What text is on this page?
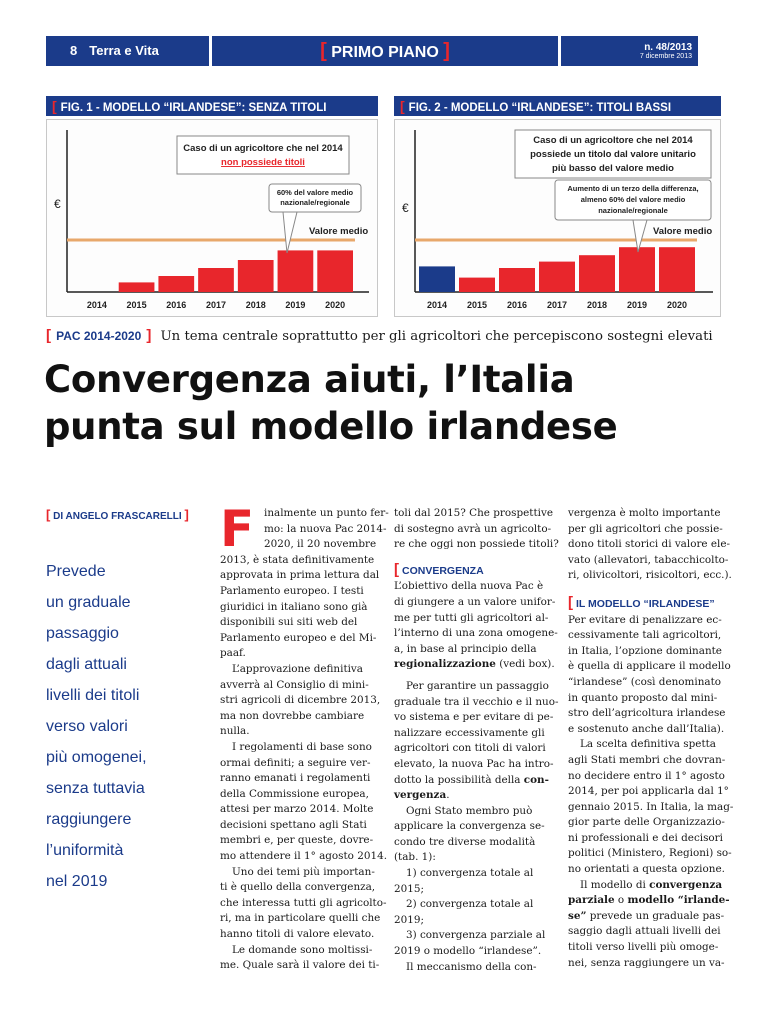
8 Terra e Vita	[ PRIMO PIANO ]	n. 48/2013
7 dicembre 2013
[ FIG. 1 - MODELLO “IRLANDESE”: SENZA TITOLI	[ FIG. 2 - MODELLO “IRLANDESE”: TITOLI BASSI
€
Valore medio
2014 2015 2016 2017 2018 2019 2020
Caso di un agricoltore che nel 2014
non possiede titoli
60% del valore medio
nazionale/regionale	€
Valore medio
2014 2015 2016 2017 2018 2019 2020
Caso di un agricoltore che nel 2014
possiede un titolo dal valore unitario
più basso del valore medio
Aumento di un terzo della differenza,
almeno 60% del valore medio
nazionale/regionale
[ PAC 2014-2020 ] Un tema centrale soprattutto per gli agricoltori che percepiscono sostegni elevati
Convergenza aiuti, l’Italia
punta sul modello irlandese
[ DI ANGELO FRASCARELLI ]
Prevede
un graduale
passaggio
dagli attuali
livelli dei titoli
verso valori
più omogenei,
senza tuttavia
raggiungere
l’uniformità
nel 2019
F inalmente un punto fer-
mo: la nuova Pac 2014-
2020, il 20 novembre
2013, è stata definitivamente
approvata in prima lettura dal
Parlamento europeo. I testi
giuridici in italiano sono già
disponibili sui siti web del
Parlamento europeo e del Mi-
paaf.
L’approvazione definitiva
avverrà al Consiglio di mini-
stri agricoli di dicembre 2013,
ma non dovrebbe cambiare
nulla.
I regolamenti di base sono
ormai definiti; a seguire ver-
ranno emanati i regolamenti
della Commissione europea,
attesi per marzo 2014. Molte
decisioni spettano agli Stati
membri e, per queste, dovre-
mo attendere il 1° agosto 2014.
Uno dei temi più importan-
ti è quello della convergenza,
che interessa tutti gli agricolto-
ri, ma in particolare quelli che
hanno titoli di valore elevato.
Le domande sono moltissi-
me. Quale sarà il valore dei ti-
toli dal 2015? Che prospettive
di sostegno avrà un agricolto-
re che oggi non possiede titoli?
[ CONVERGENZA
L’obiettivo della nuova Pac è
di giungere a un valore unifor-
me per tutti gli agricoltori al-
l’interno di una zona omogene-
a, in base al principio della
regionalizzazione (vedi box).
Per garantire un passaggio
graduale tra il vecchio e il nuo-
vo sistema e per evitare di pe-
nalizzare eccessivamente gli
agricoltori con titoli di valori
elevato, la nuova Pac ha intro-
dotto la possibilità della con-
vergenza.
Ogni Stato membro può
applicare la convergenza se-
condo tre diverse modalità
(tab. 1):
1) convergenza totale al
2015;
2) convergenza totale al
2019;
3) convergenza parziale al
2019 o modello “irlandese”.
Il meccanismo della con-
vergenza è molto importante
per gli agricoltori che possie-
dono titoli storici di valore ele-
vato (allevatori, tabacchicolto-
ri, olivicoltori, risicoltori, ecc.).
[ IL MODELLO “IRLANDESE”
Per evitare di penalizzare ec-
cessivamente tali agricoltori,
in Italia, l’opzione dominante
è quella di applicare il modello
“irlandese” (così denominato
in quanto proposto dal mini-
stro dell’agricoltura irlandese
e sostenuto anche dall’Italia).
La scelta definitiva spetta
agli Stati membri che dovran-
no decidere entro il 1° agosto
2014, per poi applicarla dal 1°
gennaio 2015. In Italia, la mag-
gior parte delle Organizzazio-
ni professionali e dei decisori
politici (Ministero, Regioni) so-
no orientati a questa opzione.
Il modello di convergenza
parziale o modello “irlande-
se” prevede un graduale pas-
saggio dagli attuali livelli dei
titoli verso livelli più omoge-
nei, senza raggiungere un va-
